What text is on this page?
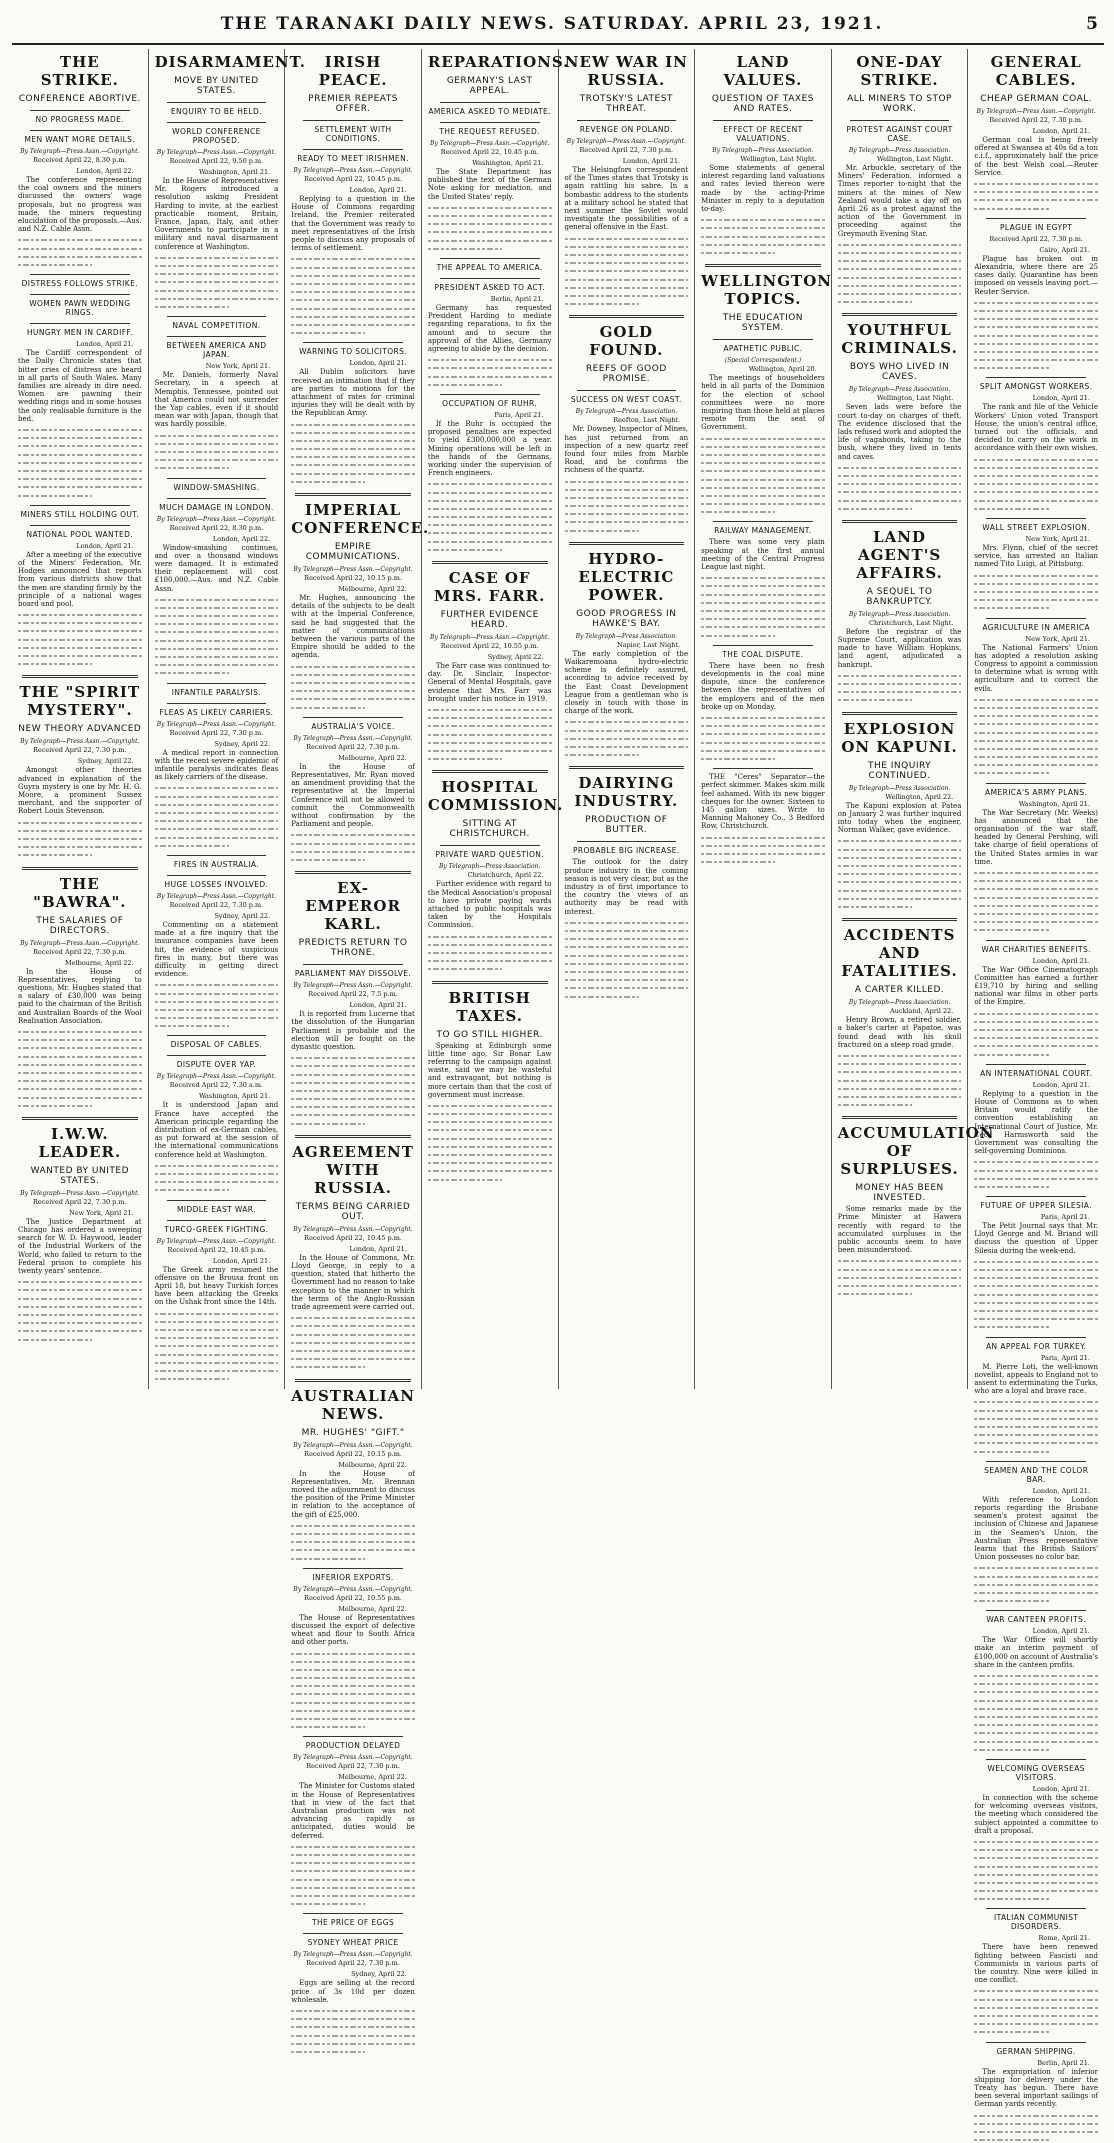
THE TARANAKI DAILY NEWS. SATURDAY. APRIL 23, 1921.	5
THE STRIKE.
CONFERENCE ABORTIVE.
NO PROGRESS MADE.
MEN WANT MORE DETAILS.
By Telegraph—Press Assn.—Copyright.
Received April 22, 8.30 p.m.
London, April 22.

The conference representing the coal owners and the miners discussed the owners' wage proposals, but no progress was made, the miners requesting elucidation of the proposals.—Aus. and N.Z. Cable Assn.

DISTRESS FOLLOWS STRIKE.
WOMEN PAWN WEDDING RINGS.
HUNGRY MEN IN CARDIFF.
London, April 21.

The Cardiff correspondent of the Daily Chronicle states that bitter cries of distress are heard in all parts of South Wales. Many families are already in dire need. Women are pawning their wedding rings and in some houses the only realisable furniture is the bed.

MINERS STILL HOLDING OUT.
NATIONAL POOL WANTED.
London, April 21.

After a meeting of the executive of the Miners' Federation, Mr. Hodges announced that reports from various districts show that the men are standing firmly by the principle of a national wages board and pool.

THE "SPIRIT MYSTERY".
NEW THEORY ADVANCED
By Telegraph—Press Assn.—Copyright.
Received April 22, 7.30 p.m.
Sydney, April 22.

Amongst other theories advanced in explanation of the Guyra mystery is one by Mr. H. G. Moore, a prominent Sussex merchant, and the supporter of Robert Louis Stevenson.

THE "BAWRA".
THE SALARIES OF DIRECTORS.
By Telegraph—Press Assn.—Copyright.
Received April 22, 7.30 p.m.
Melbourne, April 22.

In the House of Representatives, replying to questions, Mr. Hughes stated that a salary of £30,000 was being paid to the chairman of the British and Australian Boards of the Wool Realisation Association.

I.W.W. LEADER.
WANTED BY UNITED STATES.
By Telegraph—Press Assn.—Copyright.
Received April 22, 7.30 p.m.
New York, April 21.

The Justice Department at Chicago has ordered a sweeping search for W. D. Haywood, leader of the Industrial Workers of the World, who failed to return to the Federal prison to complete his twenty years' sentence.

DISARMAMENT.
MOVE BY UNITED STATES.
ENQUIRY TO BE HELD.
WORLD CONFERENCE PROPOSED.
By Telegraph—Press Assn.—Copyright.
Received April 22, 9.50 p.m.
Washington, April 21.

In the House of Representatives Mr. Rogers introduced a resolution asking President Harding to invite, at the earliest practicable moment, Britain, France, Japan, Italy, and other Governments to participate in a military and naval disarmament conference at Washington.

NAVAL COMPETITION.
BETWEEN AMERICA AND JAPAN.
New York, April 21.

Mr. Daniels, formerly Naval Secretary, in a speech at Memphis, Tennessee, pointed out that America could not surrender the Yap cables, even if it should mean war with Japan, though that was hardly possible.

WINDOW-SMASHING.
MUCH DAMAGE IN LONDON.
By Telegraph—Press Assn.—Copyright.
Received April 22, 8.30 p.m.
London, April 22.

Window-smashing continues, and over a thousand windows were damaged. It is estimated their replacement will cost £100,000.—Aus. and N.Z. Cable Assn.

INFANTILE PARALYSIS.
FLEAS AS LIKELY CARRIERS.
By Telegraph—Press Assn.—Copyright.
Received April 22, 7.30 p.m.
Sydney, April 22.

A medical report in connection with the recent severe epidemic of infantile paralysis indicates fleas as likely carriers of the disease.

FIRES IN AUSTRALIA.
HUGE LOSSES INVOLVED.
By Telegraph—Press Assn.—Copyright.
Received April 22, 7.30 p.m.
Sydney, April 22.

Commenting on a statement made at a fire inquiry that the insurance companies have been hit, the evidence of suspicious fires in many, but there was difficulty in getting direct evidence.

DISPOSAL OF CABLES.
DISPUTE OVER YAP.
By Telegraph—Press Assn.—Copyright.
Received April 22, 7.30 a.m.
Washington, April 21.

It is understood Japan and France have accepted the American principle regarding the distribution of ex-German cables, as put forward at the session of the international communications conference held at Washington.

MIDDLE EAST WAR.
TURCO-GREEK FIGHTING.
By Telegraph—Press Assn.—Copyright.
Received April 22, 10.45 p.m.
London, April 21.

The Greek army resumed the offensive on the Brousa front on April 18, but heavy Turkish forces have been attacking the Greeks on the Ushak front since the 14th.

IRISH PEACE.
PREMIER REPEATS OFFER.
SETTLEMENT WITH CONDITIONS.
READY TO MEET IRISHMEN.
By Telegraph—Press Assn.—Copyright.
Received April 22, 10.45 p.m.
London, April 21.

Replying to a question in the House of Commons regarding Ireland, the Premier reiterated that the Government was ready to meet representatives of the Irish people to discuss any proposals of terms of settlement.

WARNING TO SOLICITORS.
London, April 21.

All Dublin solicitors have received an intimation that if they are parties to motions for the attachment of rates for criminal injuries they will be dealt with by the Republican Army.

IMPERIAL CONFERENCE.
EMPIRE COMMUNICATIONS.
By Telegraph—Press Assn.—Copyright.
Received April 22, 10.15 p.m.
Melbourne, April 22.

Mr. Hughes, announcing the details of the subjects to be dealt with at the Imperial Conference, said he had suggested that the matter of communications between the various parts of the Empire should be added to the agenda.

AUSTRALIA'S VOICE.
By Telegraph—Press Assn.—Copyright.
Received April 22, 7.30 p.m.
Melbourne, April 22.

In the House of Representatives, Mr. Ryan moved an amendment providing that the representative at the Imperial Conference will not be allowed to commit the Commonwealth without confirmation by the Parliament and people.

EX-EMPEROR KARL.
PREDICTS RETURN TO THRONE.
PARLIAMENT MAY DISSOLVE.
By Telegraph—Press Assn.—Copyright.
Received April 22, 7.5 p.m.
London, April 21.

It is reported from Lucerne that the dissolution of the Hungarian Parliament is probable and the election will be fought on the dynastic question.

AGREEMENT WITH RUSSIA.
TERMS BEING CARRIED OUT.
By Telegraph—Press Assn.—Copyright.
Received April 22, 10.45 p.m.
London, April 21.

In the House of Commons, Mr. Lloyd George, in reply to a question, stated that hitherto the Government had no reason to take exception to the manner in which the terms of the Anglo-Russian trade agreement were carried out.

AUSTRALIAN NEWS.
MR. HUGHES' "GIFT."
By Telegraph—Press Assn.—Copyright.
Received April 22, 10.15 p.m.
Melbourne, April 22.

In the House of Representatives, Mr. Brennan moved the adjournment to discuss the position of the Prime Minister in relation to the acceptance of the gift of £25,000.

INFERIOR EXPORTS.
By Telegraph—Press Assn.—Copyright.
Received April 22, 10.55 p.m.
Melbourne, April 22.

The House of Representatives discussed the export of defective wheat and flour to South Africa and other ports.

PRODUCTION DELAYED
By Telegraph—Press Assn.—Copyright.
Received April 22, 7.30 p.m.
Melbourne, April 22.

The Minister for Customs stated in the House of Representatives that in view of the fact that Australian production was not advancing as rapidly as anticipated, duties would be deferred.

THE PRICE OF EGGS
SYDNEY WHEAT PRICE
By Telegraph—Press Assn.—Copyright.
Received April 22, 7.30 p.m.
Sydney, April 22.

Eggs are selling at the record price of 3s 10d per dozen wholesale.

REPARATIONS.
GERMANY'S LAST APPEAL.
AMERICA ASKED TO MEDIATE.
THE REQUEST REFUSED.
By Telegraph—Press Assn.—Copyright.
Received April 22, 10.45 p.m.
Washington, April 21.

The State Department has published the text of the German Note asking for mediation, and the United States' reply.

THE APPEAL TO AMERICA.
PRESIDENT ASKED TO ACT.
Berlin, April 21.

Germany has requested President Harding to mediate regarding reparations, to fix the amount and to secure the approval of the Allies, Germany agreeing to abide by the decision.

OCCUPATION OF RUHR.
Paris, April 21.

If the Ruhr is occupied the proposed penalties are expected to yield £300,000,000 a year. Mining operations will be left in the hands of the Germans, working under the supervision of French engineers.

CASE OF MRS. FARR.
FURTHER EVIDENCE HEARD.
By Telegraph—Press Assn.—Copyright.
Received April 22, 10.55 p.m.
Sydney, April 22.

The Farr case was continued to-day. Dr. Sinclair, Inspector-General of Mental Hospitals, gave evidence that Mrs. Farr was brought under his notice in 1919.

HOSPITAL COMMISSION.
SITTING AT CHRISTCHURCH.
PRIVATE WARD QUESTION.
By Telegraph—Press Association.
Christchurch, April 22.

Further evidence with regard to the Medical Association's proposal to have private paying wards attached to public hospitals was taken by the Hospitals Commission.

BRITISH TAXES.
TO GO STILL HIGHER.

Speaking at Edinburgh some little time ago, Sir Bonar Law referring to the campaign against waste, said we may be wasteful and extravagant, but nothing is more certain than that the cost of government must increase.

NEW WAR IN RUSSIA.
TROTSKY'S LATEST THREAT.
REVENGE ON POLAND.
By Telegraph—Press Assn.—Copyright.
Received April 22, 7.30 p.m.
London, April 21.

The Helsingfors correspondent of the Times states that Trotsky is again rattling his sabre. In a bombastic address to the students at a military school he stated that next summer the Soviet would investigate the possibilities of a general offensive in the East.

GOLD FOUND.
REEFS OF GOOD PROMISE.
SUCCESS ON WEST COAST.
By Telegraph—Press Association.
Reefton, Last Night.

Mr. Downey, Inspector of Mines, has just returned from an inspection of a new quartz reef found four miles from Marble Road, and he confirms the richness of the quartz.

HYDRO-ELECTRIC POWER.
GOOD PROGRESS IN HAWKE'S BAY.
By Telegraph—Press Association.
Napier, Last Night.

The early completion of the Waikaremoana hydro-electric scheme is definitely assured, according to advice received by the East Coast Development League from a gentleman who is closely in touch with those in charge of the work.

DAIRYING INDUSTRY.
PRODUCTION OF BUTTER.
PROBABLE BIG INCREASE.

The outlook for the dairy produce industry in the coming season is not very clear, but as the industry is of first importance to the country the views of an authority may be read with interest.

LAND VALUES.
QUESTION OF TAXES AND RATES.
EFFECT OF RECENT VALUATIONS.
By Telegraph—Press Association.
Wellington, Last Night.

Some statements of general interest regarding land valuations and rates levied thereon were made by the acting-Prime Minister in reply to a deputation to-day.

WELLINGTON TOPICS.
THE EDUCATION SYSTEM.
APATHETIC PUBLIC.
(Special Correspondent.)
Wellington, April 20.

The meetings of householders held in all parts of the Dominion for the election of school committees were no more inspiring than those held at places remote from the seat of Government.

RAILWAY MANAGEMENT.

There was some very plain speaking at the first annual meeting of the Central Progress League last night.

THE COAL DISPUTE.

There have been no fresh developments in the coal mine dispute, since the conference between the representatives of the employers and of the men broke up on Monday.

THE "Ceres" Separator—the perfect skimmer. Makes skim milk feel ashamed. With its new bigger cheques for the owner. Sixteen to 145 gallon sizes. Write to Manning Mahoney Co., 3 Bedford Row, Christchurch.

ONE-DAY STRIKE.
ALL MINERS TO STOP WORK.
PROTEST AGAINST COURT CASE.
By Telegraph—Press Association.
Wellington, Last Night.

Mr. Arbuckle, secretary of the Miners' Federation, informed a Times reporter to-night that the miners at the mines of New Zealand would take a day off on April 26 as a protest against the action of the Government in proceeding against the Greymouth Evening Star.

YOUTHFUL CRIMINALS.
BOYS WHO LIVED IN CAVES.
By Telegraph—Press Association.
Wellington, Last Night.

Seven lads were before the court to-day on charges of theft. The evidence disclosed that the lads refused work and adopted the life of vagabonds, taking to the bush, where they lived in tents and caves.

LAND AGENT'S AFFAIRS.
A SEQUEL TO BANKRUPTCY.
By Telegraph—Press Association.
Christchurch, Last Night.

Before the registrar of the Supreme Court, application was made to have William Hopkins, land agent, adjudicated a bankrupt.

EXPLOSION ON KAPUNI.
THE INQUIRY CONTINUED.
By Telegraph—Press Association.
Wellington, April 22.

The Kapuni explosion at Patea on January 2 was further inquired into today when the engineer, Norman Walker, gave evidence.

ACCIDENTS AND FATALITIES.
A CARTER KILLED.
By Telegraph—Press Association.
Auckland, April 22.

Henry Brown, a retired soldier, a baker's carter at Papatoe, was found dead with his skull fractured on a steep road grade.

ACCUMULATION OF SURPLUSES.
MONEY HAS BEEN INVESTED.

Some remarks made by the Prime Minister at Hawera recently with regard to the accumulated surpluses in the public accounts seem to have been misunderstood.

GENERAL CABLES.
CHEAP GERMAN COAL.
By Telegraph—Press Assn.—Copyright.
Received April 22, 7.30 p.m.
London, April 21.

German coal is being freely offered at Swansea at 40s 6d a ton c.i.f., approximately half the price of the best Welsh coal.—Reuter Service.

PLAGUE IN EGYPT
Received April 22, 7.30 p.m.
Cairo, April 21.

Plague has broken out in Alexandria, where there are 25 cases daily. Quarantine has been imposed on vessels leaving port.—Reuter Service.

SPLIT AMONGST WORKERS.
London, April 21.

The rank and file of the Vehicle Workers' Union voted Transport House, the union's central office, turned out the officials, and decided to carry on the work in accordance with their own wishes.

WALL STREET EXPLOSION.
New York, April 21.

Mrs. Flynn, chief of the secret service, has arrested an Italian named Tito Luigi, at Pittsburg.

AGRICULTURE IN AMERICA
New York, April 21.

The National Farmers' Union has adopted a resolution asking Congress to appoint a commission to determine what is wrong with agriculture and to correct the evils.

AMERICA'S ARMY PLANS.
Washington, April 21.

The War Secretary (Mr. Weeks) has announced that the organisation of the war staff, headed by General Pershing, will take charge of field operations of the United States armies in war time.

WAR CHARITIES BENEFITS.
London, April 21.

The War Office Cinematograph Committee has earned a further £19,710 by hiring and selling national war films in other parts of the Empire.

AN INTERNATIONAL COURT.
London, April 21.

Replying to a question in the House of Commons as to when Britain would ratify the convention establishing an International Court of Justice, Mr. Cecil Harmsworth said the Government was consulting the self-governing Dominions.

FUTURE OF UPPER SILESIA.
Paris, April 21.

The Petit Journal says that Mr. Lloyd George and M. Briand will discuss the question of Upper Silesia during the week-end.

AN APPEAL FOR TURKEY.
Paris, April 21.

M. Pierre Loti, the well-known novelist, appeals to England not to assent to exterminating the Turks, who are a loyal and brave race.

SEAMEN AND THE COLOR BAR.
London, April 21.

With reference to London reports regarding the Brisbane seamen's protest against the inclusion of Chinese and Japanese in the Seamen's Union, the Australian Press representative learns that the British Sailors' Union possesses no color bar.

WAR CANTEEN PROFITS.
London, April 21.

The War Office will shortly make an interim payment of £100,000 on account of Australia's share in the canteen profits.

WELCOMING OVERSEAS VISITORS.
London, April 21.

In connection with the scheme for welcoming overseas visitors, the meeting which considered the subject appointed a committee to draft a proposal.

ITALIAN COMMUNIST DISORDERS.
Rome, April 21.

There have been renewed fighting between Fascisti and Communists in various parts of the country. Nine were killed in one conflict.

GERMAN SHIPPING.
Berlin, April 21.

The expropriation of inferior shipping for delivery under the Treaty has begun. There have been several important sailings of German yards recently.
